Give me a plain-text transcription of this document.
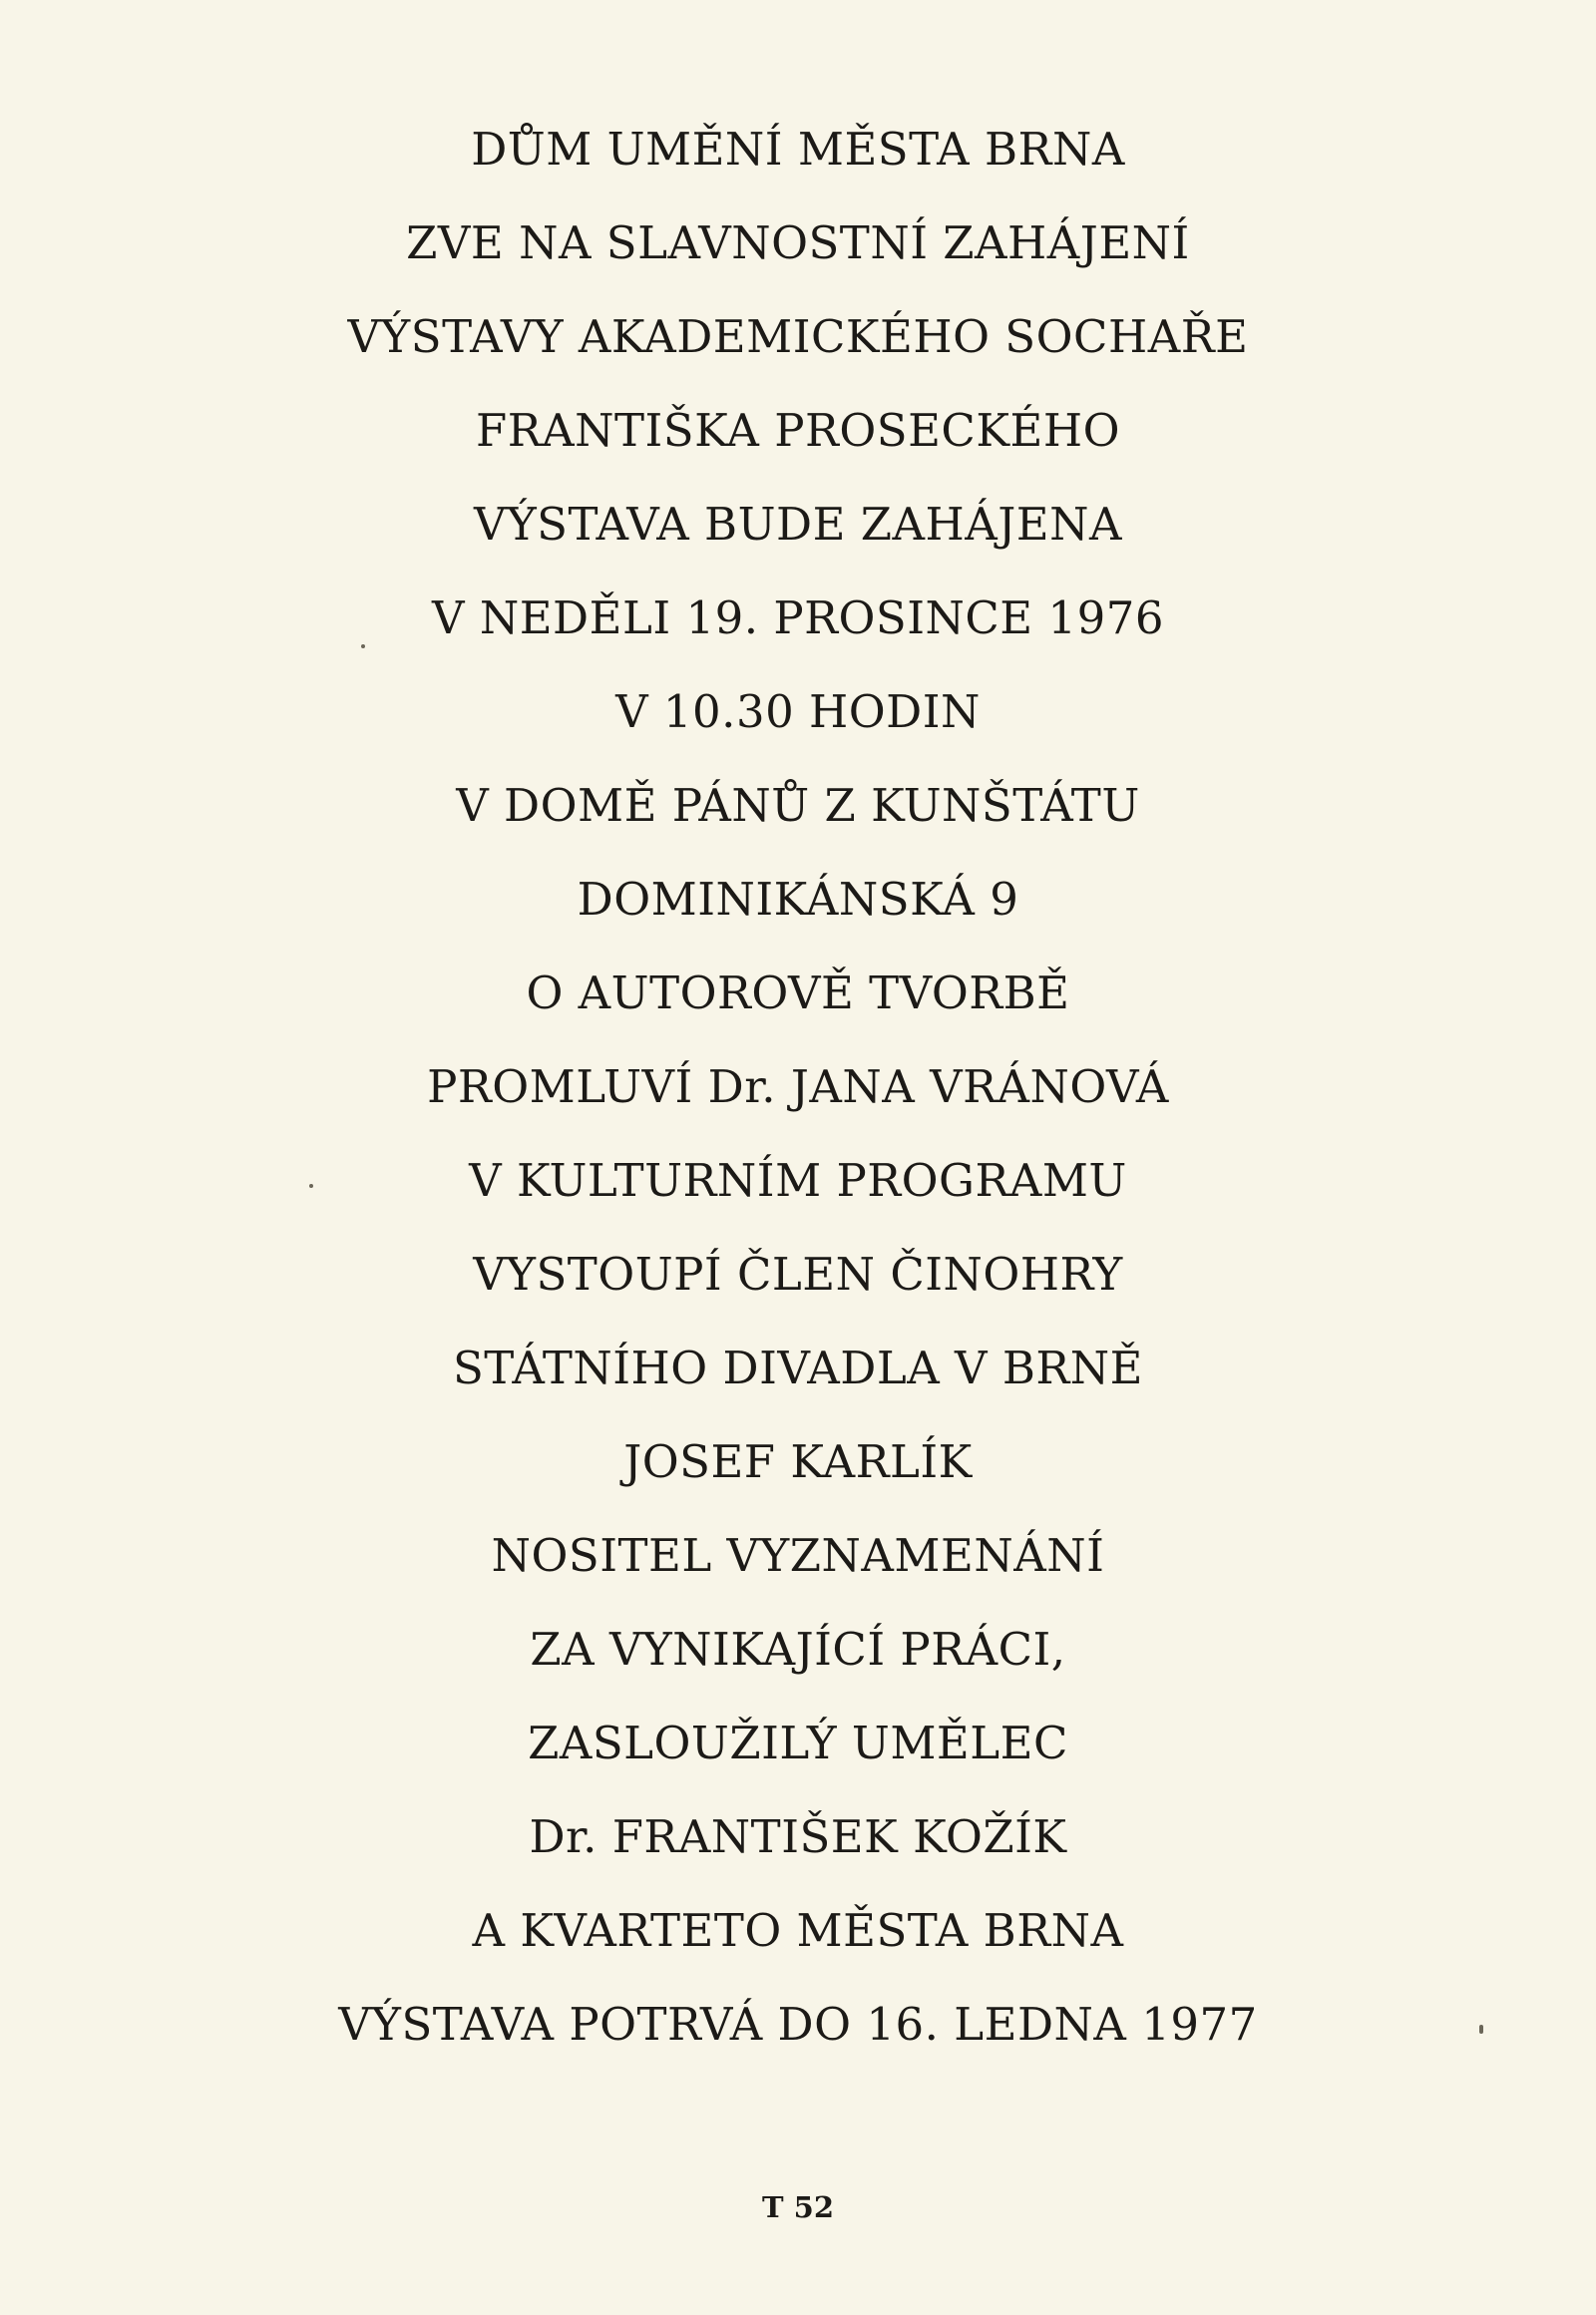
DŮM UMĚNÍ MĚSTA BRNA
ZVE NA SLAVNOSTNÍ ZAHÁJENÍ
VÝSTAVY AKADEMICKÉHO SOCHAŘE
FRANTIŠKA PROSECKÉHO
VÝSTAVA BUDE ZAHÁJENA
V NEDĚLI 19. PROSINCE 1976
V 10.30 HODIN
V DOMĚ PÁNŮ Z KUNŠTÁTU
DOMINIKÁNSKÁ 9
O AUTOROVĚ TVORBĚ
PROMLUVÍ Dr. JANA VRÁNOVÁ
V KULTURNÍM PROGRAMU
VYSTOUPÍ ČLEN ČINOHRY
STÁTNÍHO DIVADLA V BRNĚ
JOSEF KARLÍK
NOSITEL VYZNAMENÁNÍ
ZA VYNIKAJÍCÍ PRÁCI,
ZASLOUŽILÝ UMĚLEC
Dr. FRANTIŠEK KOŽÍK
A KVARTETO MĚSTA BRNA
VÝSTAVA POTRVÁ DO 16. LEDNA 1977
T 52
